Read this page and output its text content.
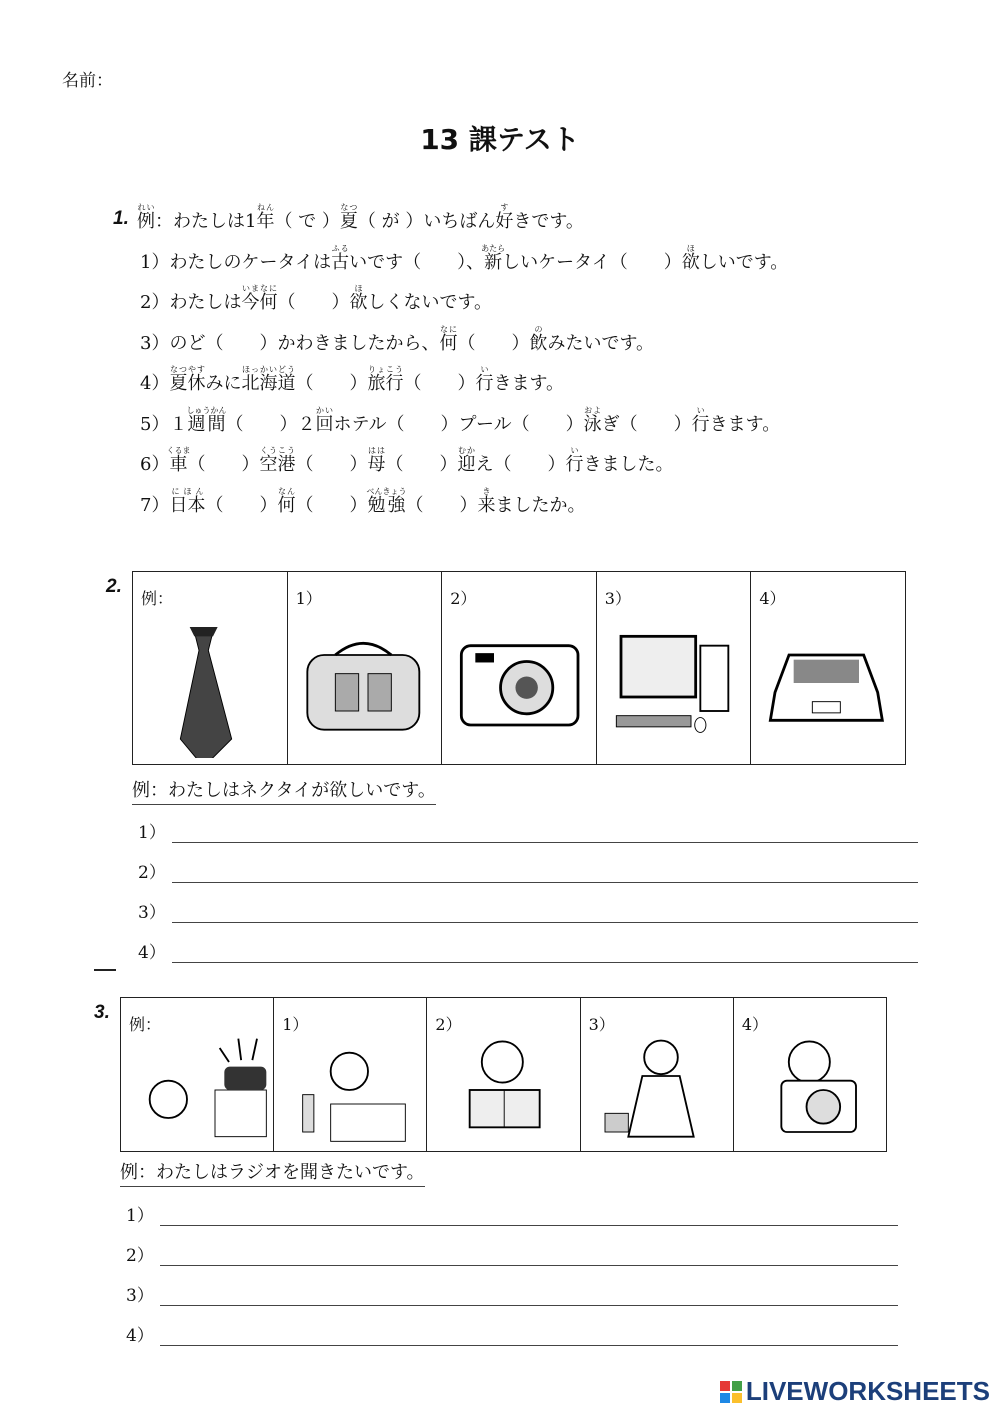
名前：
13 課テスト
1.
2.
例：	1）	2）	3）	4）
例：わたしはネクタイが欲しいです。
1）
2）
3）
4）
3.
例：	1）	2）	3）	4）
例：わたしはラジオを聞きたいです。
1）
2）
3）
4）
LIVEWORKSHEETS
例れい：わたしは1年ねん（ で ）夏なつ（ が ）いちばん好すきです。
1）わたしのケータイは古ふるいです（　　）、新あたらしいケータイ（　　）欲ほしいです。
2）わたしは今何いまなに（　　）欲ほしくないです。
3）のど（　　）かわきましたから、何なに（　　）飲のみたいです。
4）夏休なつやすみに北海道ほっかいどう（　　）旅行りょこう（　　）行いきます。
5）１週間しゅうかん（　　）２回かいホテル（　　）プール（　　）泳およぎ（　　）行いきます。
6）車くるま（　　）空港くうこう（　　）母はは（　　）迎むかえ（　　）行いきました。
7）日本にほん（　　）何なん（　　）勉強べんきょう（　　）来きましたか。
